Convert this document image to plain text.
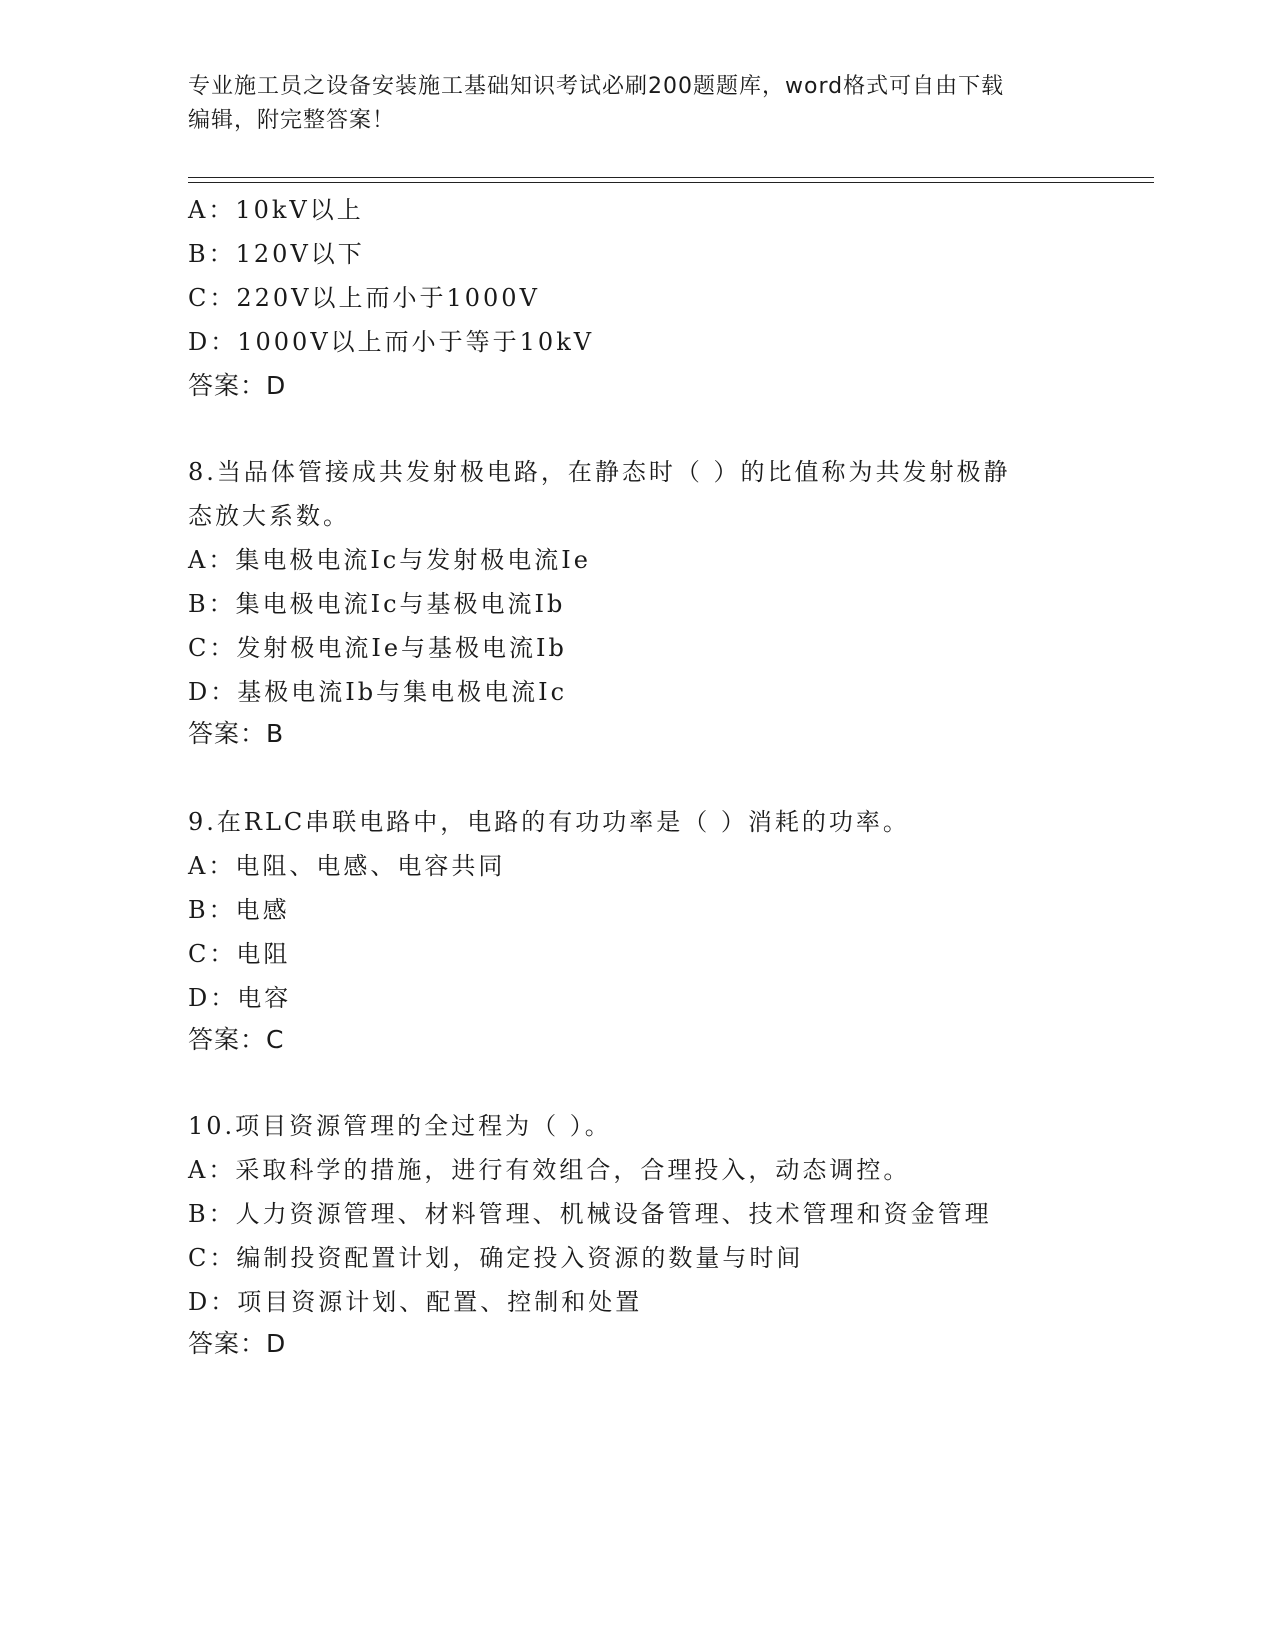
专业施工员之设备安装施工基础知识考试必刷200题题库，word格式可自由下载
编辑，附完整答案！
A：10kV以上
B：120V以下
C：220V以上而小于1000V
D：1000V以上而小于等于10kV
答案：D
8.当品体管接成共发射极电路，在静态时（ ）的比值称为共发射极静
态放大系数。
A：集电极电流Ic与发射极电流Ie
B：集电极电流Ic与基极电流Ib
C：发射极电流Ie与基极电流Ib
D：基极电流Ib与集电极电流Ic
答案：B
9.在RLC串联电路中，电路的有功功率是（ ）消耗的功率。
A：电阻、电感、电容共同
B：电感
C：电阻
D：电容
答案：C
10.项目资源管理的全过程为（ ）。
A：采取科学的措施，进行有效组合，合理投入，动态调控。
B：人力资源管理、材料管理、机械设备管理、技术管理和资金管理
C：编制投资配置计划，确定投入资源的数量与时间
D：项目资源计划、配置、控制和处置
答案：D
